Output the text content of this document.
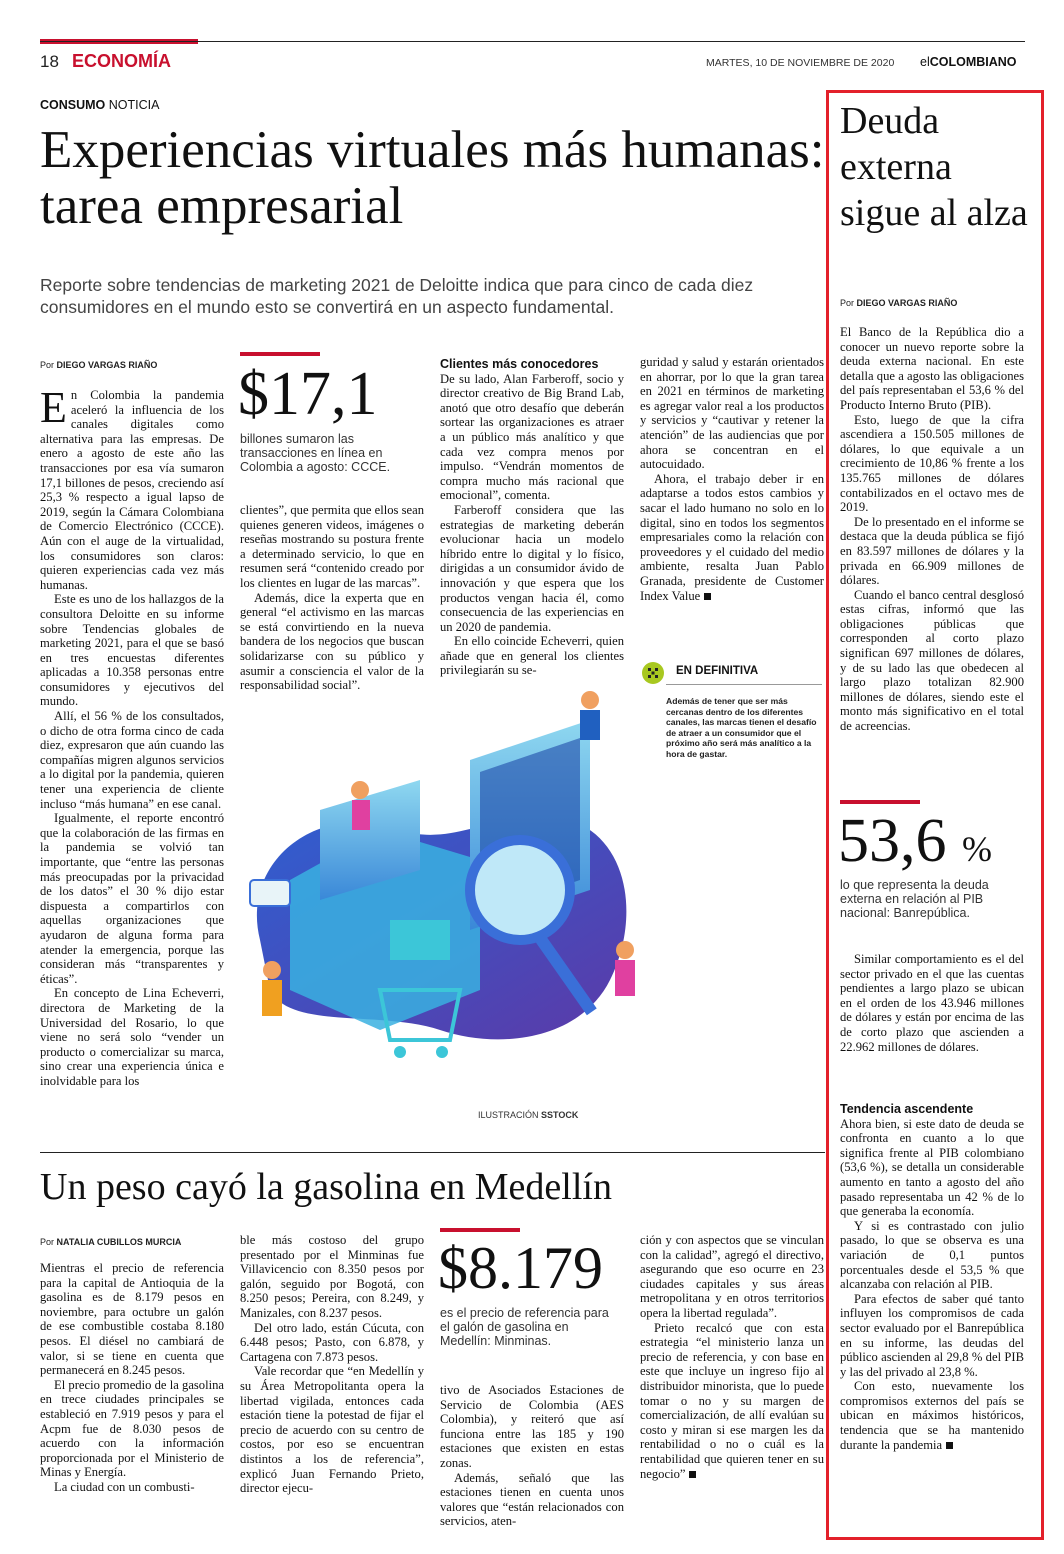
18 ECONOMÍA	MARTES, 10 DE NOVIEMBRE DE 2020 elCOLOMBIANO
CONSUMO NOTICIA
Experiencias virtuales más humanas: tarea empresarial
Reporte sobre tendencias de marketing 2021 de Deloitte indica que para cinco de cada diez consumidores en el mundo esto se convertirá en un aspecto fundamental.
Por DIEGO VARGAS RIAÑO

En Colombia la pandemia aceleró la influencia de los canales digitales como alternativa para las empresas. De enero a agosto de este año las transacciones por esa vía sumaron 17,1 billones de pesos, creciendo así 25,3 % respecto a igual lapso de 2019, según la Cámara Colombiana de Comercio Electrónico (CCCE). Aún con el auge de la virtualidad, los consumidores son claros: quieren experiencias cada vez más humanas.

Este es uno de los hallazgos de la consultora Deloitte en su informe sobre Tendencias globales de marketing 2021, para el que se basó en tres encuestas diferentes aplicadas a 10.358 personas entre consumidores y ejecutivos del mundo.

Allí, el 56 % de los consultados, o dicho de otra forma cinco de cada diez, expresaron que aún cuando las compañías migren algunos servicios a lo digital por la pandemia, quieren tener una experiencia de cliente incluso “más humana” en ese canal.

Igualmente, el reporte encontró que la colaboración de las firmas en la pandemia se volvió tan importante, que “entre las personas más preocupadas por la privacidad de los datos” el 30 % dijo estar dispuesta a compartirlos con aquellas organizaciones que ayudaron de alguna forma para atender la emergencia, porque las consideran más “transparentes y éticas”.

En concepto de Lina Echeverri, directora de Marketing de la Universidad del Rosario, lo que viene no será solo “vender un producto o comercializar su marca, sino crear una experiencia única e inolvidable para los

$17,1
billones sumaron las transacciones en línea en Colombia a agosto: CCCE.

clientes”, que permita que ellos sean quienes generen videos, imágenes o reseñas mostrando su postura frente a determinado servicio, lo que en resumen será “contenido creado por los clientes en lugar de las marcas”.

Además, dice la experta que en general “el activismo en las marcas se está convirtiendo en la nueva bandera de los negocios que buscan solidarizarse con su público y asumir a consciencia el valor de la responsabilidad social”.

Clientes más conocedores

De su lado, Alan Farberoff, socio y director creativo de Big Brand Lab, anotó que otro desafío que deberán sortear las organizaciones es atraer a un público más analítico y que cada vez compra menos por impulso. “Vendrán momentos de compra mucho más racional que emocional”, comenta.

Farberoff considera que las estrategias de marketing deberán evolucionar hacia un modelo híbrido entre lo digital y lo físico, dirigidas a un consumidor ávido de innovación y que espera que los productos vengan hacia él, como consecuencia de las experiencias en un 2020 de pandemia.

En ello coincide Echeverri, quien añade que en general los clientes privilegiarán su se-

guridad y salud y estarán orientados en ahorrar, por lo que la gran tarea en 2021 en términos de marketing es agregar valor real a los productos y servicios y “cautivar y retener la atención” de las audiencias que por ahora se concentran en el autocuidado.

Ahora, el trabajo deber ir en adaptarse a todos estos cambios y sacar el lado humano no solo en lo digital, sino en todos los segmentos empresariales como la relación con proveedores y el cuidado del medio ambiente, resalta Juan Pablo Granada, presidente de Customer Index Value

EN DEFINITIVA
Además de tener que ser más cercanas dentro de los diferentes canales, las marcas tienen el desafío de atraer a un consumidor que el próximo año será más analítico a la hora de gastar.
ILUSTRACIÓN SSTOCK
Un peso cayó la gasolina en Medellín
Por NATALIA CUBILLOS MURCIA

Mientras el precio de referencia para la capital de Antioquia de la gasolina es de 8.179 pesos en noviembre, para octubre un galón de ese combustible costaba 8.180 pesos. El diésel no cambiará de valor, si se tiene en cuenta que permanecerá en 8.245 pesos.

El precio promedio de la gasolina en trece ciudades principales se estableció en 7.919 pesos y para el Acpm fue de 8.030 pesos de acuerdo con la información proporcionada por el Ministerio de Minas y Energía.

La ciudad con un combusti-

ble más costoso del grupo presentado por el Minminas fue Villavicencio con 8.350 pesos por galón, seguido por Bogotá, con 8.250 pesos; Pereira, con 8.249, y Manizales, con 8.237 pesos.

Del otro lado, están Cúcuta, con 6.448 pesos; Pasto, con 6.878, y Cartagena con 7.873 pesos.

Vale recordar que “en Medellín y su Área Metropolitanta opera la libertad vigilada, entonces cada estación tiene la potestad de fijar el precio de acuerdo con su centro de costos, por eso se encuentran distintos a los de referencia”, explicó Juan Fernando Prieto, director ejecu-

$8.179
es el precio de referencia para el galón de gasolina en Medellín: Minminas.

tivo de Asociados Estaciones de Servicio de Colombia (AES Colombia), y reiteró que así funciona entre las 185 y 190 estaciones que existen en estas zonas.

Además, señaló que las estaciones tienen en cuenta unos valores que “están relacionados con servicios, aten-

ción y con aspectos que se vinculan con la calidad”, agregó el directivo, asegurando que eso ocurre en 23 ciudades capitales y sus áreas metropolitana y en otros territorios opera la libertad regulada”.

Prieto recalcó que con esta estrategia “el ministerio lanza un precio de referencia, y con base en este que incluye un ingreso fijo al distribuidor minorista, que lo puede tomar o no y su margen de comercialización, de allí evalúan su costo y miran si ese margen les da rentabilidad o no o cuál es la rentabilidad que quieren tener en su negocio”

Deuda externa sigue al alza
Por DIEGO VARGAS RIAÑO

El Banco de la República dio a conocer un nuevo reporte sobre la deuda externa nacional. En este detalla que a agosto las obligaciones del país representaban el 53,6 % del Producto Interno Bruto (PIB).

Esto, luego de que la cifra ascendiera a 150.505 millones de dólares, lo que equivale a un crecimiento de 10,86 % frente a los 135.765 millones de dólares contabilizados en el octavo mes de 2019.

De lo presentado en el informe se destaca que la deuda pública se fijó en 83.597 millones de dólares y la privada en 66.909 millones de dólares.

Cuando el banco central desglosó estas cifras, informó que las obligaciones públicas que corresponden al corto plazo significan 697 millones de dólares, y de su lado las que obedecen al largo plazo totalizan 82.900 millones de dólares, siendo este el monto más significativo en el total de acreencias.

53,6 %
lo que representa la deuda externa en relación al PIB nacional: Banrepública.

Similar comportamiento es el del sector privado en el que las cuentas pendientes a largo plazo se ubican en el orden de los 43.946 millones de dólares y están por encima de las de corto plazo que ascienden a 22.962 millones de dólares.

Tendencia ascendente

Ahora bien, si este dato de deuda se confronta en cuanto a lo que significa frente al PIB colombiano (53,6 %), se detalla un considerable aumento en tanto a agosto del año pasado representaba un 42 % de lo que generaba la economía.

Y si es contrastado con julio pasado, lo que se observa es una variación de 0,1 puntos porcentuales desde el 53,5 % que alcanzaba con relación al PIB.

Para efectos de saber qué tanto influyen los compromisos de cada sector evaluado por el Banrepública en su informe, las deudas del público ascienden al 29,8 % del PIB y las del privado al 23,8 %.

Con esto, nuevamente los compromisos externos del país se ubican en máximos históricos, tendencia que se ha mantenido durante la pandemia
